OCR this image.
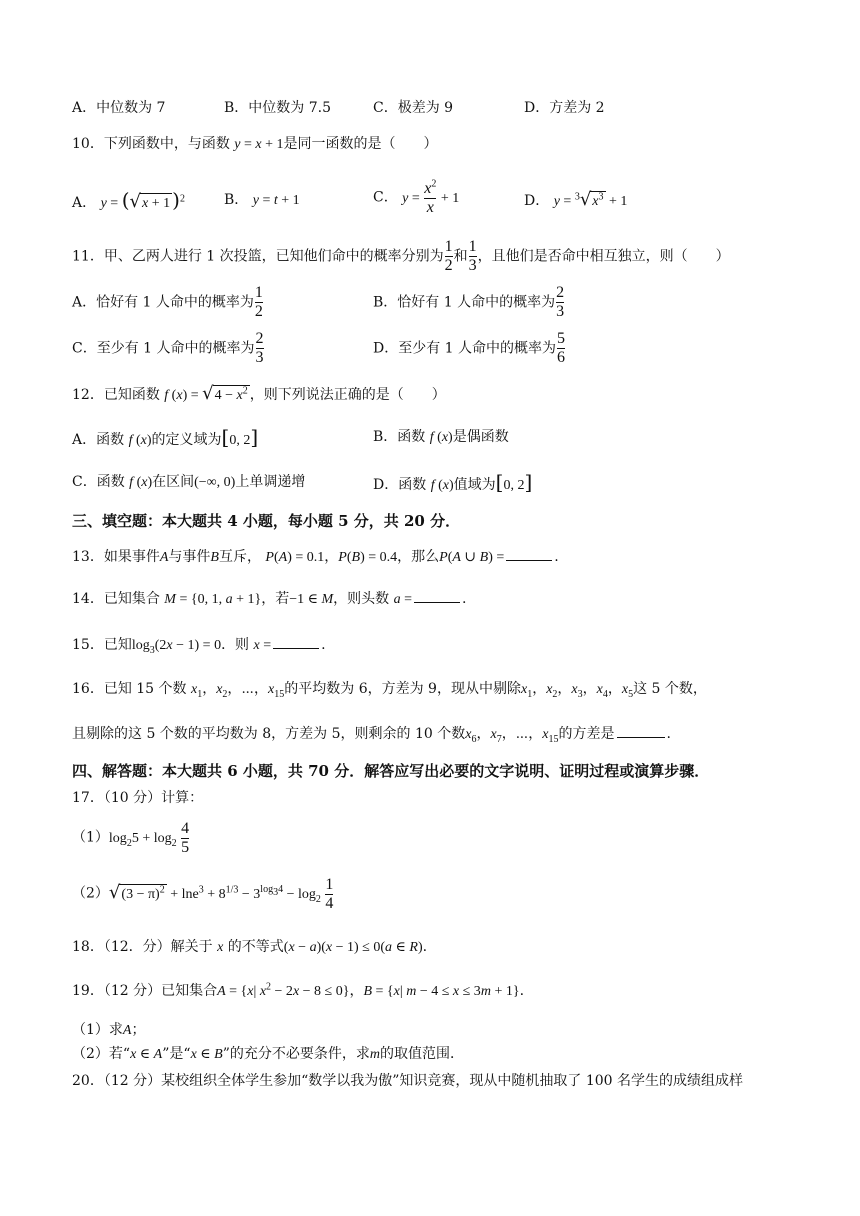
A．中位数为 7	B．中位数为 7.5	C．极差为 9	D．方差为 2
10．下列函数中，与函数 y = x + 1是同一函数的是（　　）
A． y = (√x + 1 )$^2$	B． y = t + 1	C． $y = \frac{x^2}{x} + 1$	D． $y = ^3√x^3 + 1$
11．甲、乙两人进行 1 次投篮，已知他们命中的概率分别为 $\frac{1}{2}$ 和 $\frac{1}{3}$ ，且他们是否命中相互独立，则（　　）
A．恰好有 1 人命中的概率为 $\frac{1}{2}$	B．恰好有 1 人命中的概率为 $\frac{2}{3}$
C．至少有 1 人命中的概率为 $\frac{2}{3}$	D．至少有 1 人命中的概率为 $\frac{5}{6}$
12．已知函数 f $(x) = √4 - x^2$ ，则下列说法正确的是（　　）
A．函数 f (x)的定义域为[0, 2]	B．函数 f (x)是偶函数
C．函数 f (x)在区间(−∞, 0)上单调递增	D．函数 f (x)值域为[0, 2]
三、填空题：本大题共 4 小题，每小题 5 分，共 20 分．
13．如果事件A与事件B互斥， P(A) = 0.1，P(B) = 0.4，那么P(A ∪ B) =	.
14．已知集合 M = {0, 1, a + 1}，若−1 ∈ M，则头数 a =	.
15．已知$\log_3(2x - 1) = 0$．则 x =	.
16．已知 15 个数 $x_1$，$x_2$，⋯，$x_{15}$的平均数为 6，方差为 9，现从中剔除$x_1$，$x_2$，$x_3$，$x_4$，$x_5$这 5 个数，
且剔除的这 5 个数的平均数为 8，方差为 5，则剩余的 10 个数$x_6$，$x_7$，⋯，$x_{15}$的方差是	.
四、解答题：本大题共 6 小题，共 70 分．解答应写出必要的文字说明、证明过程或演算步骤．
17．（10 分）计算：
$(1)\log_25 + \log_2 \frac{4}{5}$
$(2)√(3 - \pi)^2 + \ln e^3 + 8^{1/3} - 3^{log_34} - \log_2 \frac{1}{4}$
18．（12．分）解关于 x 的不等式(x − a)(x − 1) ≤ 0(a ∈ R).
19．（12 分）已知集合A = {x| $x^2 - 2x - 8 \le 0$}，B = {x| m − 4 ≤ x ≤ 3m + 1}.
（1）求A；
（2）若“x ∈ A”是“x ∈ B”的充分不必要条件，求m的取值范围．
20．（12 分）某校组织全体学生参加“数学以我为傲”知识竞赛，现从中随机抽取了 100 名学生的成绩组成样
